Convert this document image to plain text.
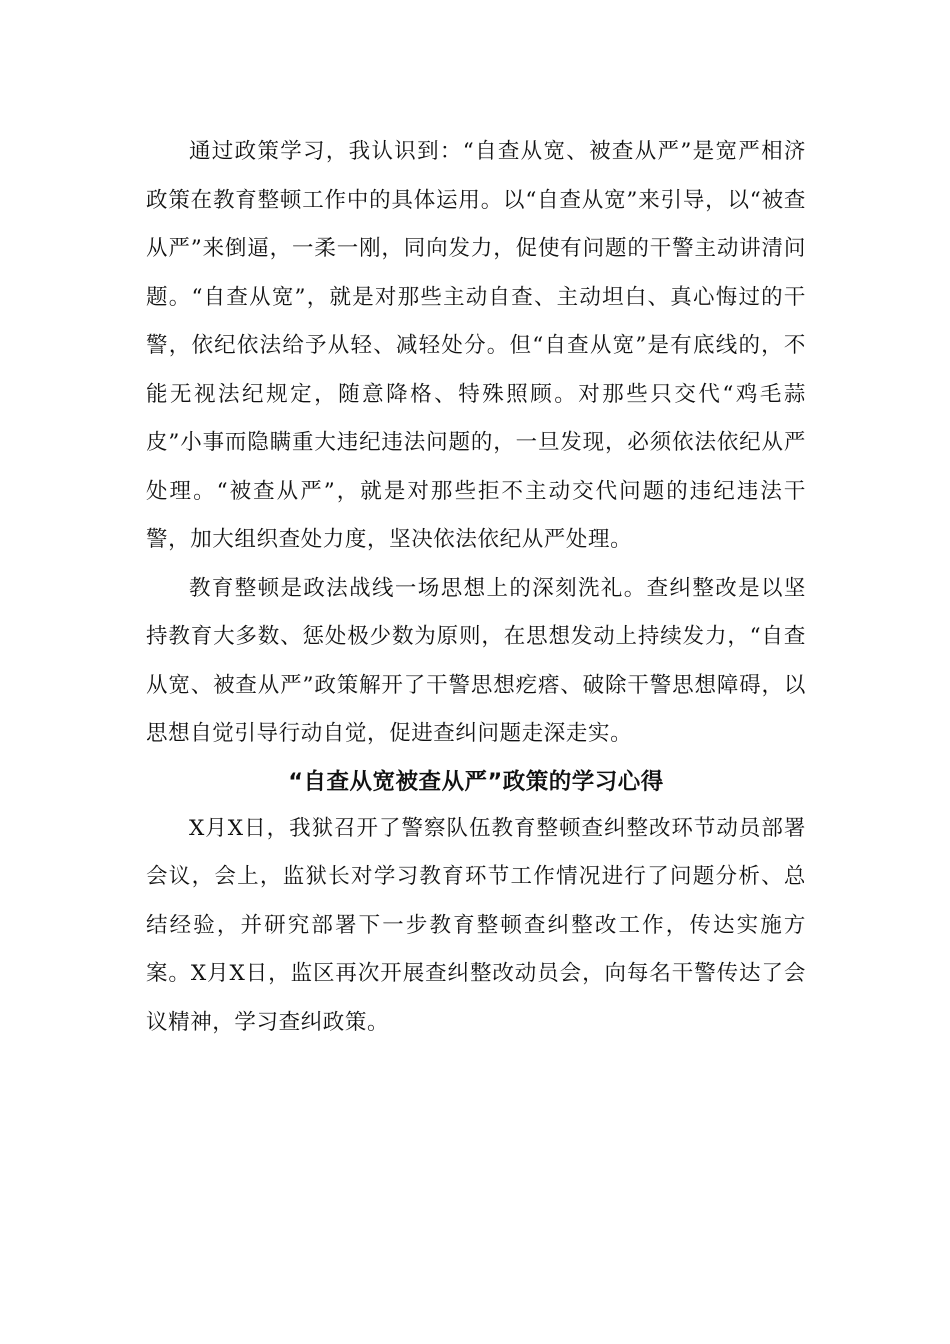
通过政策学习，我认识到：“自查从宽、被查从严”是宽严相济政策在教育整顿工作中的具体运用。以“自查从宽”来引导，以“被查从严”来倒逼，一柔一刚，同向发力，促使有问题的干警主动讲清问题。“自查从宽”，就是对那些主动自查、主动坦白、真心悔过的干警，依纪依法给予从轻、减轻处分。但“自查从宽”是有底线的，不能无视法纪规定，随意降格、特殊照顾。对那些只交代“鸡毛蒜皮”小事而隐瞒重大违纪违法问题的，一旦发现，必须依法依纪从严处理。“被查从严”，就是对那些拒不主动交代问题的违纪违法干警，加大组织查处力度，坚决依法依纪从严处理。

教育整顿是政法战线一场思想上的深刻洗礼。查纠整改是以坚持教育大多数、惩处极少数为原则，在思想发动上持续发力，“自查从宽、被查从严”政策解开了干警思想疙瘩、破除干警思想障碍，以思想自觉引导行动自觉，促进查纠问题走深走实。

“自查从宽被查从严”政策的学习心得

X月X日，我狱召开了警察队伍教育整顿查纠整改环节动员部署会议，会上，监狱长对学习教育环节工作情况进行了问题分析、总结经验，并研究部署下一步教育整顿查纠整改工作，传达实施方案。X月X日，监区再次开展查纠整改动员会，向每名干警传达了会议精神，学习查纠政策。
